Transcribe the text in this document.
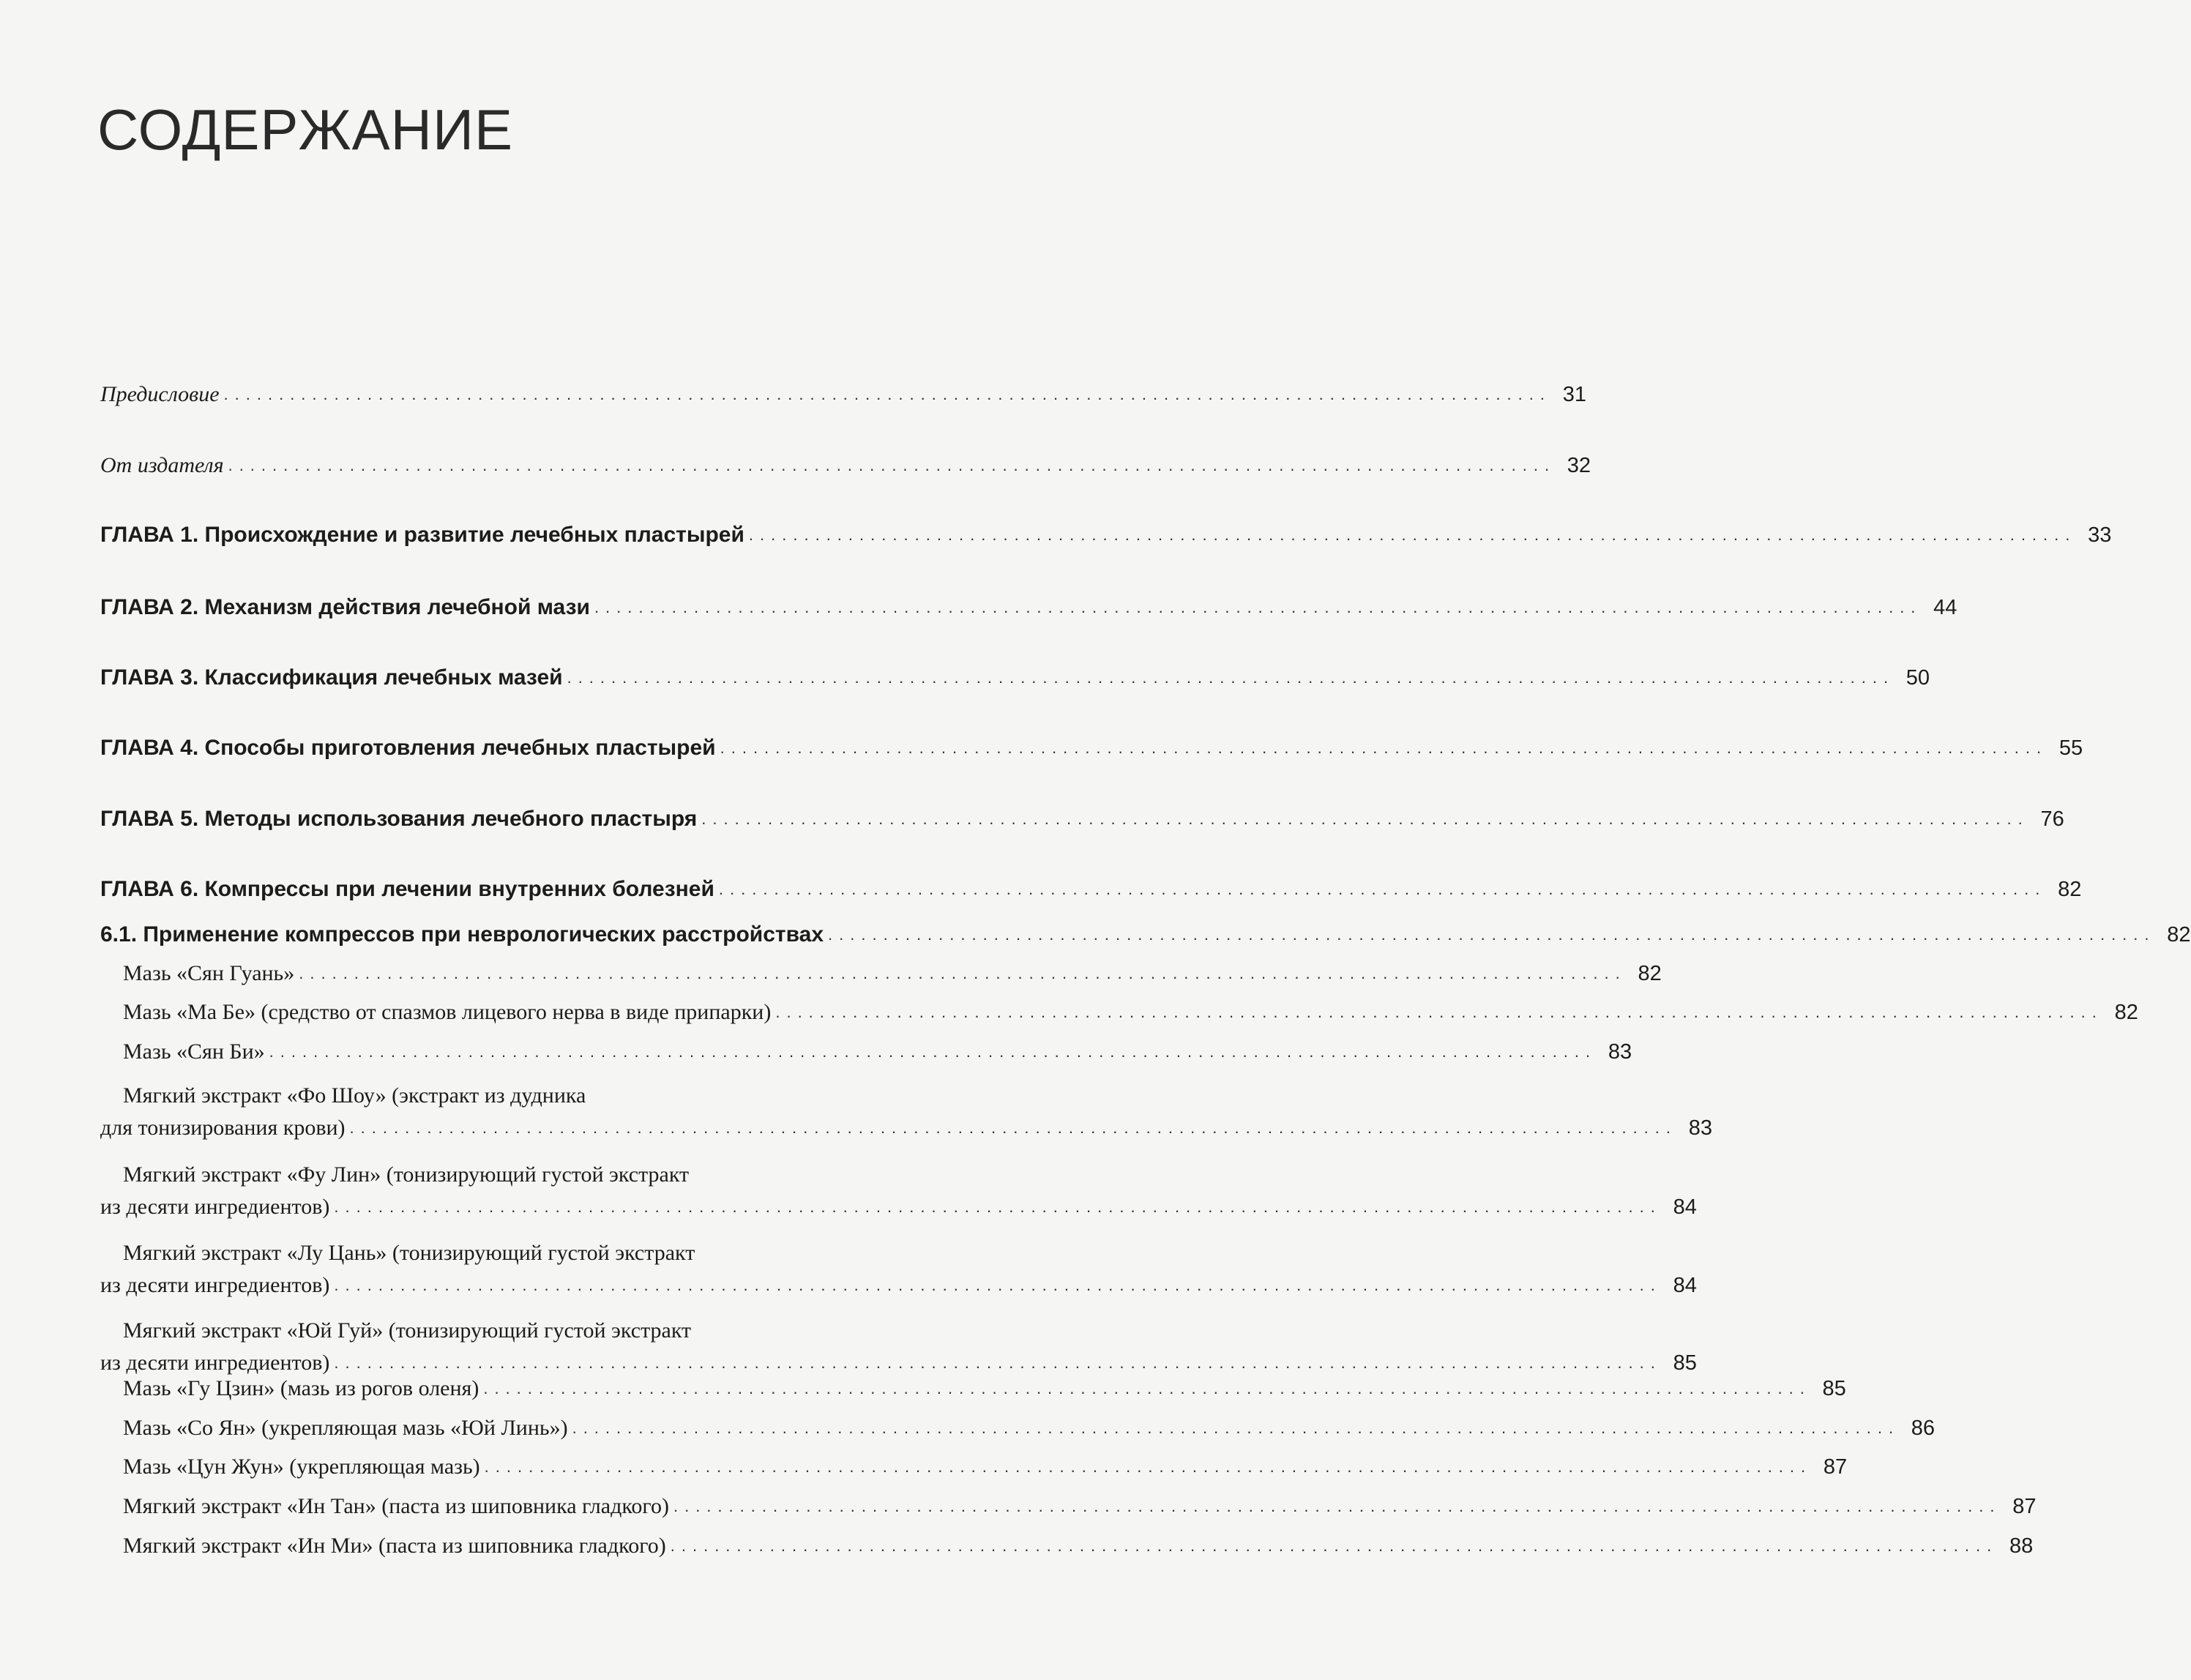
СОДЕРЖАНИЕ
Предисловие ........................................................................................................................ 31
От издателя ........................................................................................................................ 32
ГЛАВА 1. Происхождение и развитие лечебных пластырей ........................................................................................................................ 33
ГЛАВА 2. Механизм действия лечебной мази ........................................................................................................................ 44
ГЛАВА 3. Классификация лечебных мазей ........................................................................................................................ 50
ГЛАВА 4. Способы приготовления лечебных пластырей ........................................................................................................................ 55
ГЛАВА 5. Методы использования лечебного пластыря ........................................................................................................................ 76
ГЛАВА 6. Компрессы при лечении внутренних болезней ........................................................................................................................ 82
6.1. Применение компрессов при неврологических расстройствах ........................................................................................................................ 82
Мазь «Сян Гуань» ........................................................................................................................ 82
Мазь «Ма Бе» (средство от спазмов лицевого нерва в виде припарки) ........................................................................................................................ 82
Мазь «Сян Би» ........................................................................................................................ 83
Мягкий экстракт «Фо Шоу» (экстракт из дудника
для тонизирования крови) ........................................................................................................................ 83
Мягкий экстракт «Фу Лин» (тонизирующий густой экстракт
из десяти ингредиентов) ........................................................................................................................ 84
Мягкий экстракт «Лу Цань» (тонизирующий густой экстракт
из десяти ингредиентов) ........................................................................................................................ 84
Мягкий экстракт «Юй Гуй» (тонизирующий густой экстракт
из десяти ингредиентов) ........................................................................................................................ 85
Мазь «Гу Цзин» (мазь из рогов оленя) ........................................................................................................................ 85
Мазь «Со Ян» (укрепляющая мазь «Юй Линь») ........................................................................................................................ 86
Мазь «Цун Жун» (укрепляющая мазь) ........................................................................................................................ 87
Мягкий экстракт «Ин Тан» (паста из шиповника гладкого) ........................................................................................................................ 87
Мягкий экстракт «Ин Ми» (паста из шиповника гладкого) ........................................................................................................................ 88
